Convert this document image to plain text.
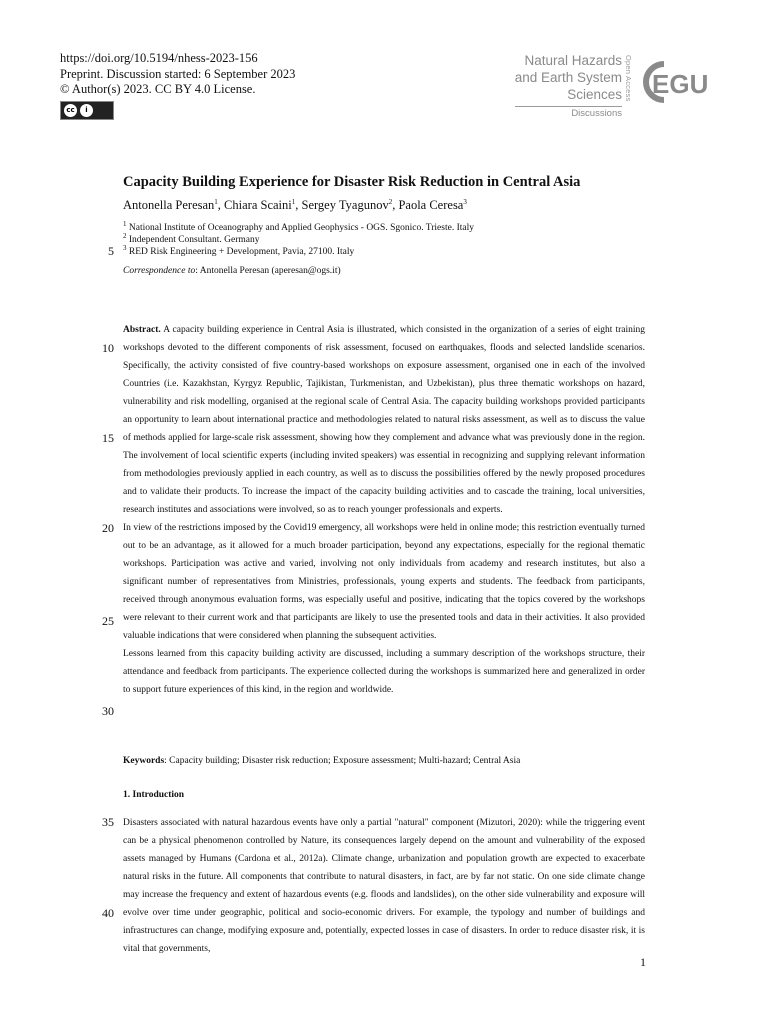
https://doi.org/10.5194/nhess-2023-156
Preprint. Discussion started: 6 September 2023
© Author(s) 2023. CC BY 4.0 License.
cc	i
Natural Hazards
and Earth System
Sciences
Discussions
Open Access EGU
Capacity Building Experience for Disaster Risk Reduction in Central Asia
Antonella Peresan$^1$, Chiara Scaini$^1$, Sergey Tyagunov$^2$, Paola Ceresa$^3$
$^1$ National Institute of Oceanography and Applied Geophysics - OGS. Sgonico. Trieste. Italy
$^2$ Independent Consultant. Germany
$^3$ RED Risk Engineering + Development, Pavia, 27100. Italy
Correspondence to: Antonella Peresan (aperesan@ogs.it)
5
10
15
20
25
30
35
40

Abstract. A capacity building experience in Central Asia is illustrated, which consisted in the organization of a series of eight training workshops devoted to the different components of risk assessment, focused on earthquakes, floods and selected landslide scenarios. Specifically, the activity consisted of five country-based workshops on exposure assessment, organised one in each of the involved Countries (i.e. Kazakhstan, Kyrgyz Republic, Tajikistan, Turkmenistan, and Uzbekistan), plus three thematic workshops on hazard, vulnerability and risk modelling, organised at the regional scale of Central Asia. The capacity building workshops provided participants an opportunity to learn about international practice and methodologies related to natural risks assessment, as well as to discuss the value of methods applied for large-scale risk assessment, showing how they complement and advance what was previously done in the region. The involvement of local scientific experts (including invited speakers) was essential in recognizing and supplying relevant information from methodologies previously applied in each country, as well as to discuss the possibilities offered by the newly proposed procedures and to validate their products. To increase the impact of the capacity building activities and to cascade the training, local universities, research institutes and associations were involved, so as to reach younger professionals and experts.

In view of the restrictions imposed by the Covid19 emergency, all workshops were held in online mode; this restriction eventually turned out to be an advantage, as it allowed for a much broader participation, beyond any expectations, especially for the regional thematic workshops. Participation was active and varied, involving not only individuals from academy and research institutes, but also a significant number of representatives from Ministries, professionals, young experts and students. The feedback from participants, received through anonymous evaluation forms, was especially useful and positive, indicating that the topics covered by the workshops were relevant to their current work and that participants are likely to use the presented tools and data in their activities. It also provided valuable indications that were considered when planning the subsequent activities.

Lessons learned from this capacity building activity are discussed, including a summary description of the workshops structure, their attendance and feedback from participants. The experience collected during the workshops is summarized here and generalized in order to support future experiences of this kind, in the region and worldwide.

Keywords: Capacity building; Disaster risk reduction; Exposure assessment; Multi-hazard; Central Asia
1. Introduction

Disasters associated with natural hazardous events have only a partial "natural" component (Mizutori, 2020): while the triggering event can be a physical phenomenon controlled by Nature, its consequences largely depend on the amount and vulnerability of the exposed assets managed by Humans (Cardona et al., 2012a). Climate change, urbanization and population growth are expected to exacerbate natural risks in the future. All components that contribute to natural disasters, in fact, are by far not static. On one side climate change may increase the frequency and extent of hazardous events (e.g. floods and landslides), on the other side vulnerability and exposure will evolve over time under geographic, political and socio-economic drivers. For example, the typology and number of buildings and infrastructures can change, modifying exposure and, potentially, expected losses in case of disasters. In order to reduce disaster risk, it is vital that governments,

1
